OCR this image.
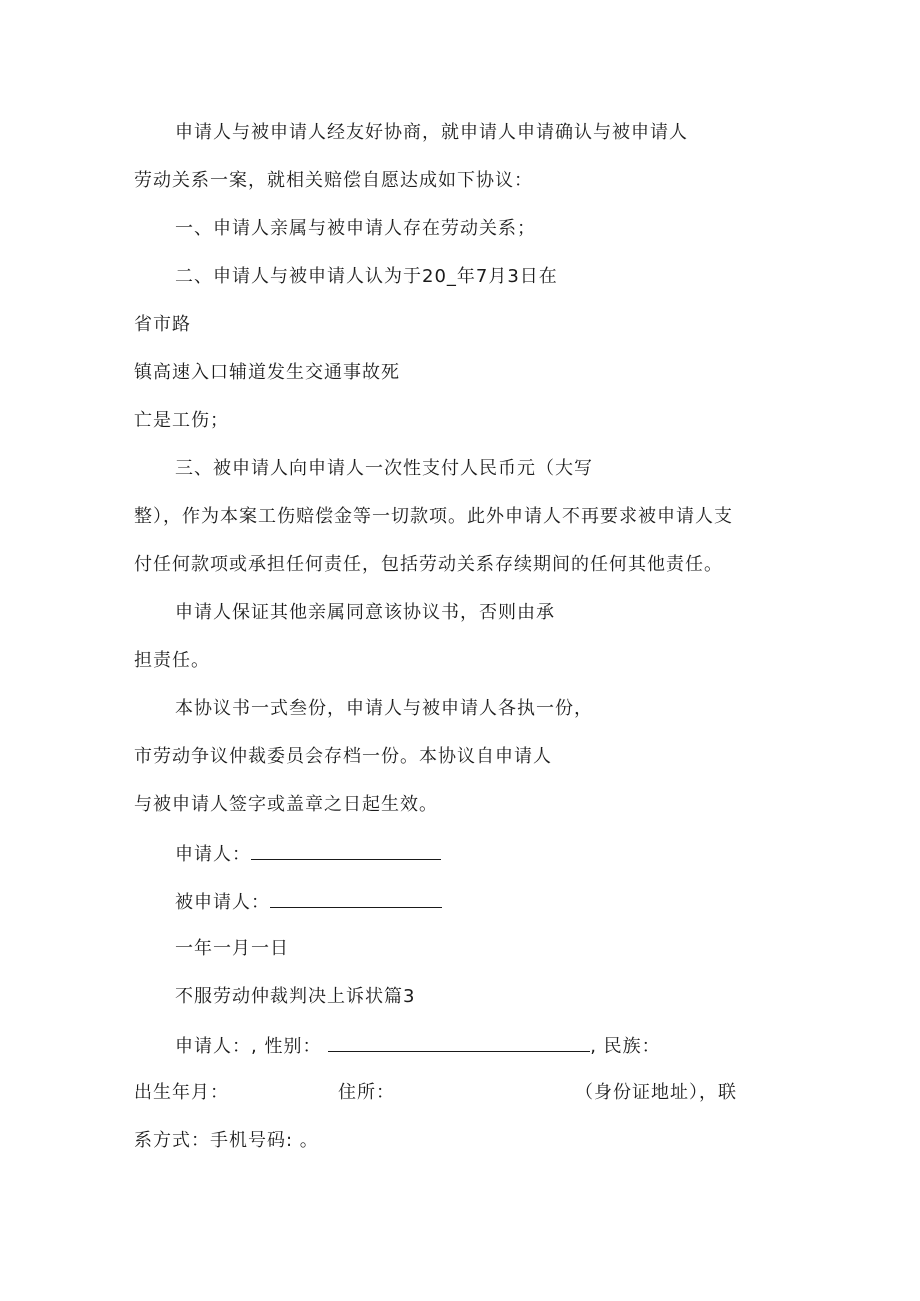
申请人与被申请人经友好协商，就申请人申请确认与被申请人
劳动关系一案，就相关赔偿自愿达成如下协议：
一、申请人亲属与被申请人存在劳动关系；
二、申请人与被申请人认为于20_年7月3日在
省市路
镇高速入口辅道发生交通事故死
亡是工伤；
三、被申请人向申请人一次性支付人民币元（大写
整），作为本案工伤赔偿金等一切款项。此外申请人不再要求被申请人支
付任何款项或承担任何责任，包括劳动关系存续期间的任何其他责任。
申请人保证其他亲属同意该协议书，否则由承
担责任。
本协议书一式叁份，申请人与被申请人各执一份，
市劳动争议仲裁委员会存档一份。本协议自申请人
与被申请人签字或盖章之日起生效。
申请人：
被申请人：
一年一月一日
不服劳动仲裁判决上诉状篇3
申请人：, 性别：	, 民族：
出生年月：	住所：	（身份证地址），联
系方式：手机号码: 。
